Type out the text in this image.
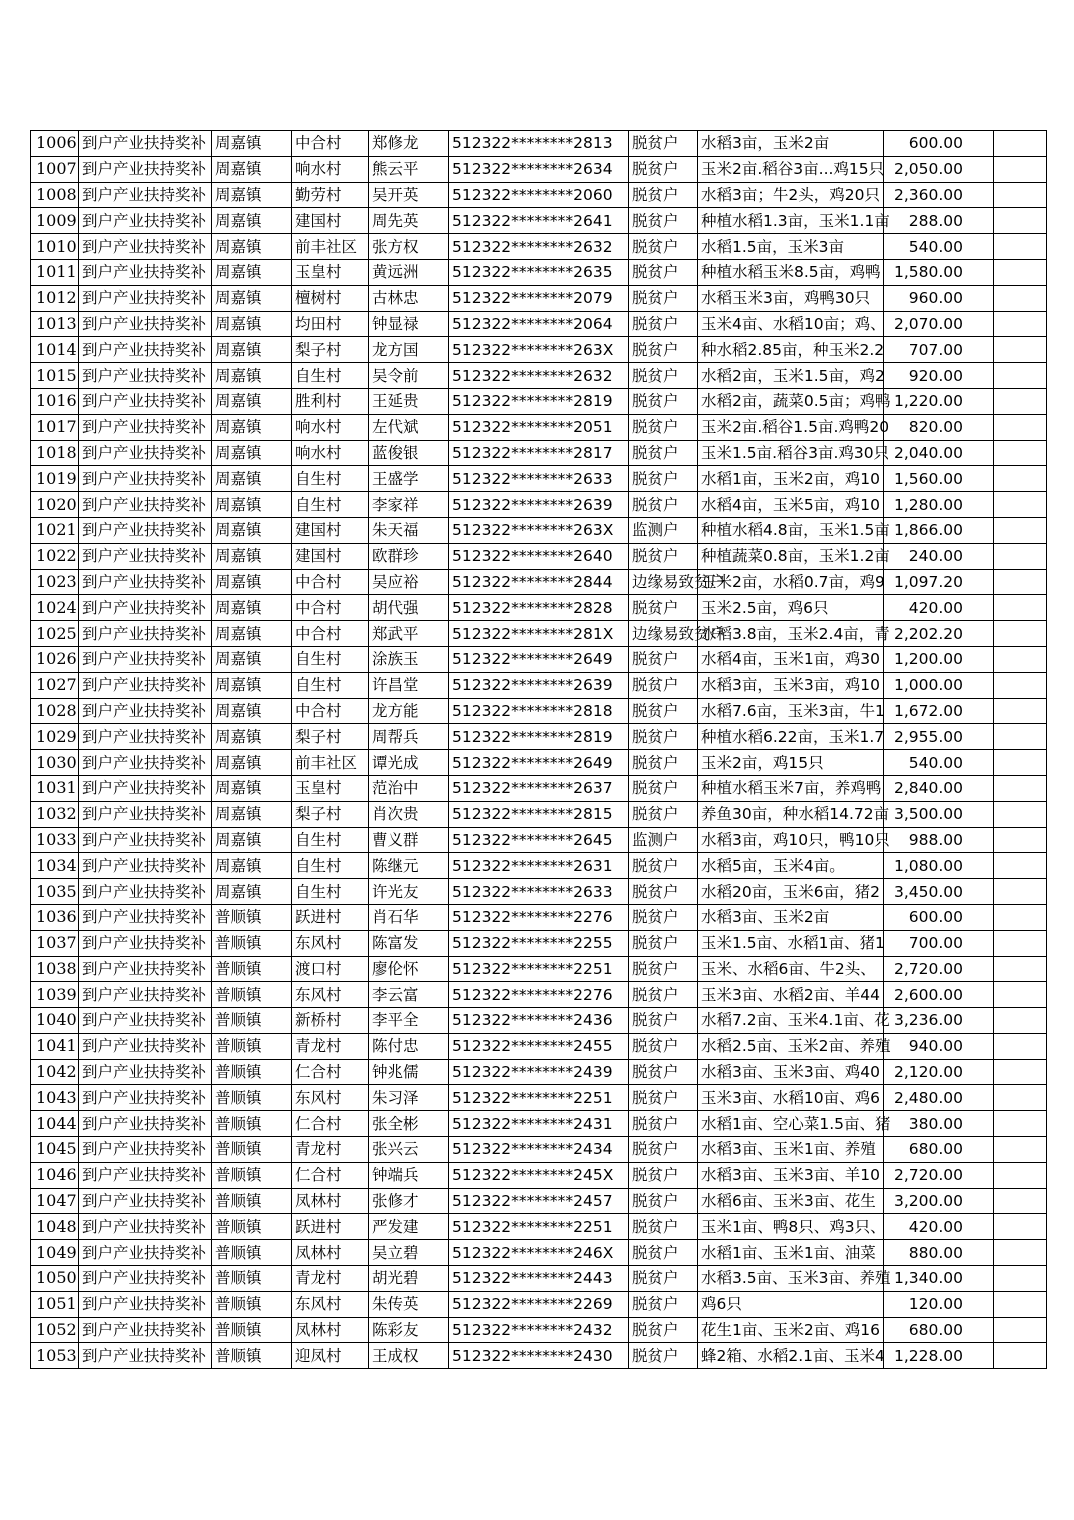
1006	到户产业扶持奖补	周嘉镇	中合村	郑修龙	512322********2813	脱贫户	水稻3亩，玉米2亩	600.00	
1007	到户产业扶持奖补	周嘉镇	响水村	熊云平	512322********2634	脱贫户	玉米2亩.稻谷3亩...鸡15只	2,050.00	
1008	到户产业扶持奖补	周嘉镇	勤劳村	吴开英	512322********2060	脱贫户	水稻3亩；牛2头，鸡20只	2,360.00	
1009	到户产业扶持奖补	周嘉镇	建国村	周先英	512322********2641	脱贫户	种植水稻1.3亩，玉米1.1亩	288.00	
1010	到户产业扶持奖补	周嘉镇	前丰社区	张方权	512322********2632	脱贫户	水稻1.5亩，玉米3亩	540.00	
1011	到户产业扶持奖补	周嘉镇	玉皇村	黄远洲	512322********2635	脱贫户	种植水稻玉米8.5亩，鸡鸭	1,580.00	
1012	到户产业扶持奖补	周嘉镇	檀树村	古林忠	512322********2079	脱贫户	水稻玉米3亩，鸡鸭30只	960.00	
1013	到户产业扶持奖补	周嘉镇	均田村	钟显禄	512322********2064	脱贫户	玉米4亩、水稻10亩；鸡、	2,070.00	
1014	到户产业扶持奖补	周嘉镇	梨子村	龙方国	512322********263X	脱贫户	种水稻2.85亩，种玉米2.2	707.00	
1015	到户产业扶持奖补	周嘉镇	自生村	吴令前	512322********2632	脱贫户	水稻2亩，玉米1.5亩，鸡2	920.00	
1016	到户产业扶持奖补	周嘉镇	胜利村	王延贵	512322********2819	脱贫户	水稻2亩，蔬菜0.5亩；鸡鸭	1,220.00	
1017	到户产业扶持奖补	周嘉镇	响水村	左代斌	512322********2051	脱贫户	玉米2亩.稻谷1.5亩.鸡鸭20	820.00	
1018	到户产业扶持奖补	周嘉镇	响水村	蓝俊银	512322********2817	脱贫户	玉米1.5亩.稻谷3亩.鸡30只	2,040.00	
1019	到户产业扶持奖补	周嘉镇	自生村	王盛学	512322********2633	脱贫户	水稻1亩，玉米2亩，鸡10	1,560.00	
1020	到户产业扶持奖补	周嘉镇	自生村	李家祥	512322********2639	脱贫户	水稻4亩，玉米5亩，鸡10	1,280.00	
1021	到户产业扶持奖补	周嘉镇	建国村	朱天福	512322********263X	监测户	种植水稻4.8亩，玉米1.5亩	1,866.00	
1022	到户产业扶持奖补	周嘉镇	建国村	欧群珍	512322********2640	脱贫户	种植蔬菜0.8亩，玉米1.2亩	240.00	
1023	到户产业扶持奖补	周嘉镇	中合村	吴应裕	512322********2844	边缘易致贫户	玉米2亩，水稻0.7亩，鸡9	1,097.20	
1024	到户产业扶持奖补	周嘉镇	中合村	胡代强	512322********2828	脱贫户	玉米2.5亩，鸡6只	420.00	
1025	到户产业扶持奖补	周嘉镇	中合村	郑武平	512322********281X	边缘易致贫户	水稻3.8亩，玉米2.4亩，青	2,202.20	
1026	到户产业扶持奖补	周嘉镇	自生村	涂族玉	512322********2649	脱贫户	水稻4亩，玉米1亩，鸡30	1,200.00	
1027	到户产业扶持奖补	周嘉镇	自生村	许昌堂	512322********2639	脱贫户	水稻3亩，玉米3亩，鸡10	1,000.00	
1028	到户产业扶持奖补	周嘉镇	中合村	龙方能	512322********2818	脱贫户	水稻7.6亩，玉米3亩，牛1	1,672.00	
1029	到户产业扶持奖补	周嘉镇	梨子村	周帮兵	512322********2819	脱贫户	种植水稻6.22亩，玉米1.7	2,955.00	
1030	到户产业扶持奖补	周嘉镇	前丰社区	谭光成	512322********2649	脱贫户	玉米2亩，鸡15只	540.00	
1031	到户产业扶持奖补	周嘉镇	玉皇村	范治中	512322********2637	脱贫户	种植水稻玉米7亩，养鸡鸭	2,840.00	
1032	到户产业扶持奖补	周嘉镇	梨子村	肖次贵	512322********2815	脱贫户	养鱼30亩，种水稻14.72亩	3,500.00	
1033	到户产业扶持奖补	周嘉镇	自生村	曹义群	512322********2645	监测户	水稻3亩，鸡10只，鸭10只	988.00	
1034	到户产业扶持奖补	周嘉镇	自生村	陈继元	512322********2631	脱贫户	水稻5亩，玉米4亩。	1,080.00	
1035	到户产业扶持奖补	周嘉镇	自生村	许光友	512322********2633	脱贫户	水稻20亩，玉米6亩，猪2	3,450.00	
1036	到户产业扶持奖补	普顺镇	跃进村	肖石华	512322********2276	脱贫户	水稻3亩、玉米2亩	600.00	
1037	到户产业扶持奖补	普顺镇	东风村	陈富发	512322********2255	脱贫户	玉米1.5亩、水稻1亩、猪1	700.00	
1038	到户产业扶持奖补	普顺镇	渡口村	廖伦怀	512322********2251	脱贫户	玉米、水稻6亩、牛2头、	2,720.00	
1039	到户产业扶持奖补	普顺镇	东风村	李云富	512322********2276	脱贫户	玉米3亩、水稻2亩、羊44	2,600.00	
1040	到户产业扶持奖补	普顺镇	新桥村	李平全	512322********2436	脱贫户	水稻7.2亩、玉米4.1亩、花	3,236.00	
1041	到户产业扶持奖补	普顺镇	青龙村	陈付忠	512322********2455	脱贫户	水稻2.5亩、玉米2亩、养殖	940.00	
1042	到户产业扶持奖补	普顺镇	仁合村	钟兆儒	512322********2439	脱贫户	水稻3亩、玉米3亩、鸡40	2,120.00	
1043	到户产业扶持奖补	普顺镇	东风村	朱习泽	512322********2251	脱贫户	玉米3亩、水稻10亩、鸡6	2,480.00	
1044	到户产业扶持奖补	普顺镇	仁合村	张全彬	512322********2431	脱贫户	水稻1亩、空心菜1.5亩、猪	380.00	
1045	到户产业扶持奖补	普顺镇	青龙村	张兴云	512322********2434	脱贫户	水稻3亩、玉米1亩、养殖	680.00	
1046	到户产业扶持奖补	普顺镇	仁合村	钟端兵	512322********245X	脱贫户	水稻3亩、玉米3亩、羊10	2,720.00	
1047	到户产业扶持奖补	普顺镇	凤林村	张修才	512322********2457	脱贫户	水稻6亩、玉米3亩、花生	3,200.00	
1048	到户产业扶持奖补	普顺镇	跃进村	严发建	512322********2251	脱贫户	玉米1亩、鸭8只、鸡3只、	420.00	
1049	到户产业扶持奖补	普顺镇	凤林村	吴立碧	512322********246X	脱贫户	水稻1亩、玉米1亩、油菜	880.00	
1050	到户产业扶持奖补	普顺镇	青龙村	胡光碧	512322********2443	脱贫户	水稻3.5亩、玉米3亩、养殖	1,340.00	
1051	到户产业扶持奖补	普顺镇	东风村	朱传英	512322********2269	脱贫户	鸡6只	120.00	
1052	到户产业扶持奖补	普顺镇	凤林村	陈彩友	512322********2432	脱贫户	花生1亩、玉米2亩、鸡16	680.00	
1053	到户产业扶持奖补	普顺镇	迎凤村	王成权	512322********2430	脱贫户	蜂2箱、水稻2.1亩、玉米4	1,228.00	
